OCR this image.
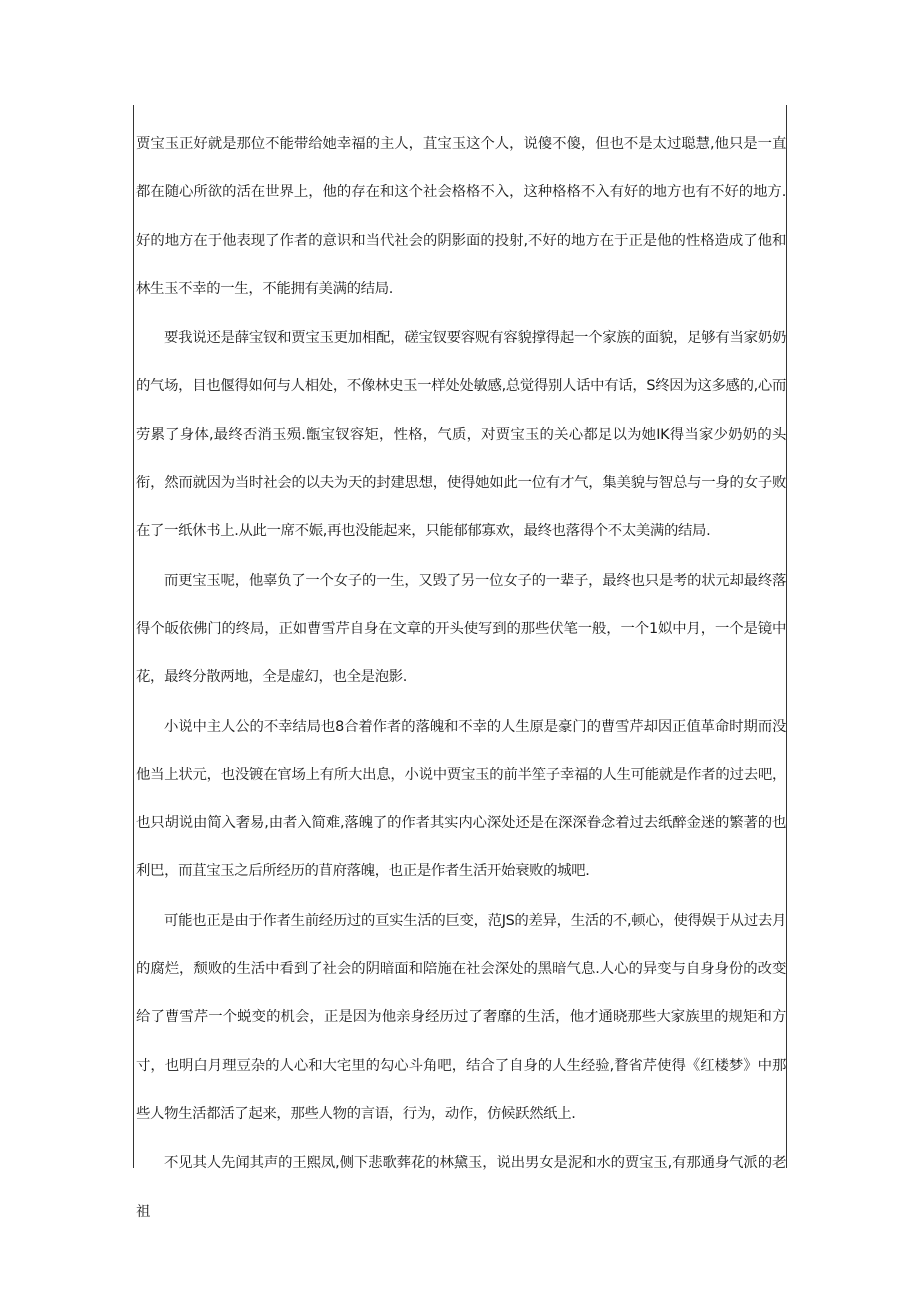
贾宝玉正好就是那位不能带给她幸福的主人，苴宝玉这个人，说傻不傻，但也不是太过聪慧,他只是一直都在随心所欲的活在世界上，他的存在和这个社会格格不入，这种格格不入有好的地方也有不好的地方.好的地方在于他表现了作者的意识和当代社会的阴影面的投射,不好的地方在于正是他的性格造成了他和林生玉不幸的一生，不能拥有美满的结局.

要我说还是薛宝钗和贾宝玉更加相配，磋宝钗要容贶有容貌撑得起一个家族的面貌，足够有当家奶奶的气场，目也偃得如何与人相处，不像林史玉一样处处敏感,总觉得别人话中有话，S终因为这多感的,心而劳累了身体,最终否消玉殒.甑宝钗容矩，性格，气质，对贾宝玉的关心都足以为她IK得当家少奶奶的头衔，然而就因为当时社会的以夫为天的封建思想，使得她如此一位有才气，集美貌与智总与一身的女子败在了一纸休书上.从此一席不娠,再也没能起来，只能郁郁寡欢，最终也落得个不太美满的结局.

而更宝玉呢，他辜负了一个女子的一生，又毁了另一位女子的一辈子，最终也只是考的状元却最终落得个皈依佛门的终局，正如曹雪芹自身在文章的开头使写到的那些伏笔一般，一个1姒中月，一个是镜中花，最终分散两地，全是虚幻，也全是泡影.

小说中主人公的不幸结局也8合着作者的落魄和不幸的人生原是豪门的曹雪芹却因正值革命时期而没他当上状元，也没镀在官场上有所大出息，小说中贾宝玉的前半笙子幸福的人生可能就是作者的过去吧，也只胡说由简入奢易,由者入简难,落魄了的作者其实内心深处还是在深深眷念着过去纸醉金迷的繁著的也利巴，而苴宝玉之后所经历的苜府落魄，也正是作者生活开始衰败的城吧.

可能也正是由于作者生前经历过的亘实生活的巨变，范JS的差异，生活的不,顿心，使得娱于从过去月的腐烂，颓败的生活中看到了社会的阴暗面和陪施在社会深处的黑暗气息.人心的异变与自身身份的改变给了曹雪芹一个蜕变的机会，正是因为他亲身经历过了奢靡的生活，他才通晓那些大家族里的规矩和方寸，也明白月理豆杂的人心和大宅里的勾心斗角吧，结合了自身的人生经验,瞀省芹使得《红楼梦》中那些人物生活都活了起来，那些人物的言语，行为，动作，仿候跃然纸上.

不见其人先闻其声的王熙凤,侧下悲歌葬花的林黛玉，说出男女是泥和水的贾宝玉,有那通身气派的老祖
